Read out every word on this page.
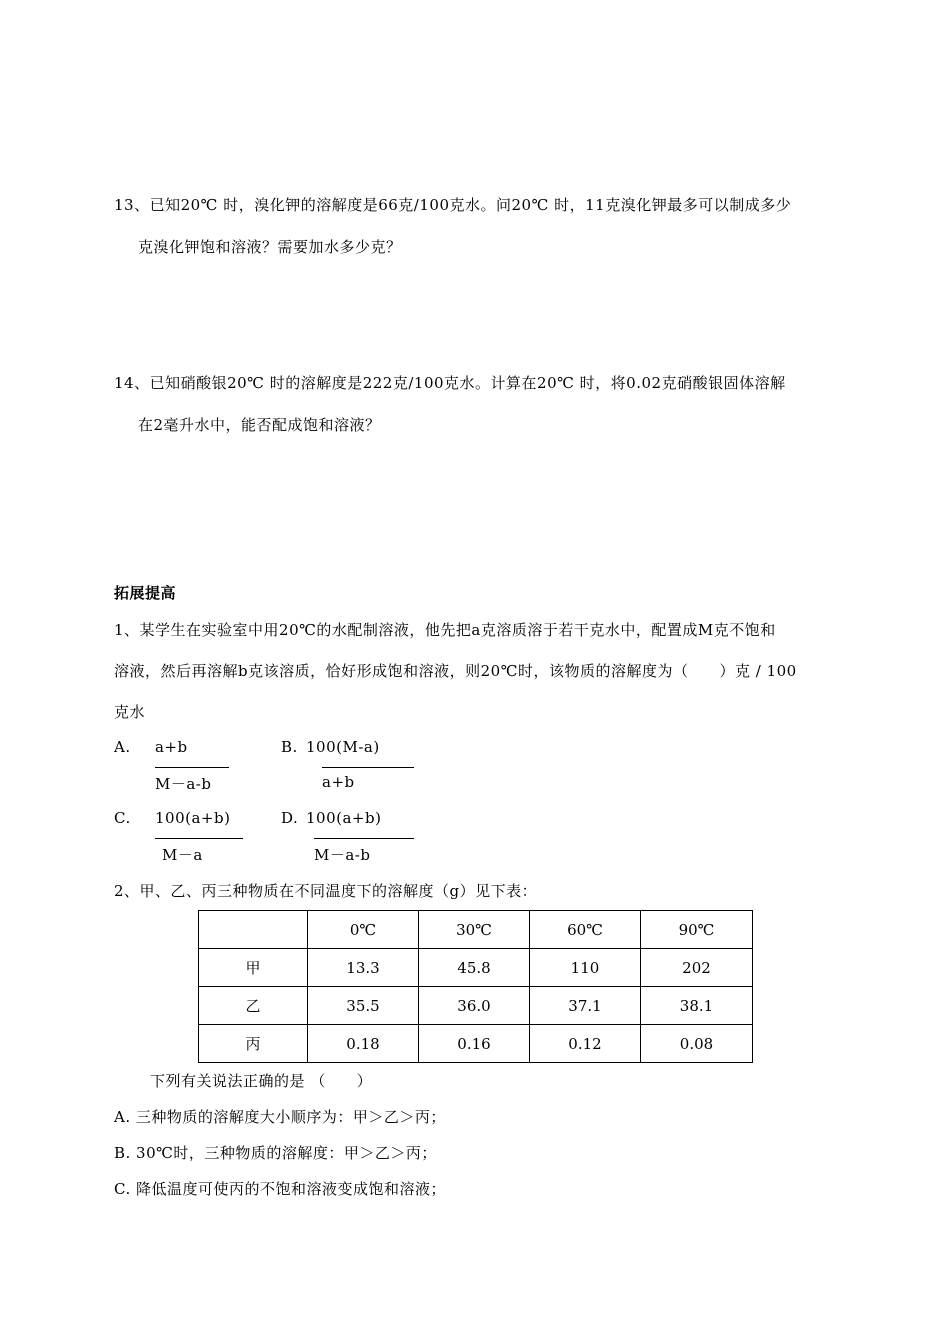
13、已知20℃ 时，溴化钾的溶解度是66克/100克水。问20℃ 时，11克溴化钾最多可以制成多少
克溴化钾饱和溶液？需要加水多少克？
14、已知硝酸银20℃ 时的溶解度是222克/100克水。计算在20℃ 时，将0.02克硝酸银固体溶解
在2毫升水中，能否配成饱和溶液？
拓展提高
1、某学生在实验室中用20℃的水配制溶液，他先把a克溶质溶于若干克水中，配置成M克不饱和
溶液，然后再溶解b克该溶质，恰好形成饱和溶液，则20℃时，该物质的溶解度为（　　）克 / 100
克水
A. a+b
M－a-b
B. 100(M-a)
a+b
C. 100(a+b)
M－a
D. 100(a+b)
M－a-b
2、甲、乙、丙三种物质在不同温度下的溶解度（g）见下表：
	0℃	30℃	60℃	90℃
甲	13.3	45.8	110	202
乙	35.5	36.0	37.1	38.1
丙	0.18	0.16	0.12	0.08
下列有关说法正确的是 （　　）
A. 三种物质的溶解度大小顺序为：甲＞乙＞丙；
B. 30℃时，三种物质的溶解度：甲＞乙＞丙；
C. 降低温度可使丙的不饱和溶液变成饱和溶液；
